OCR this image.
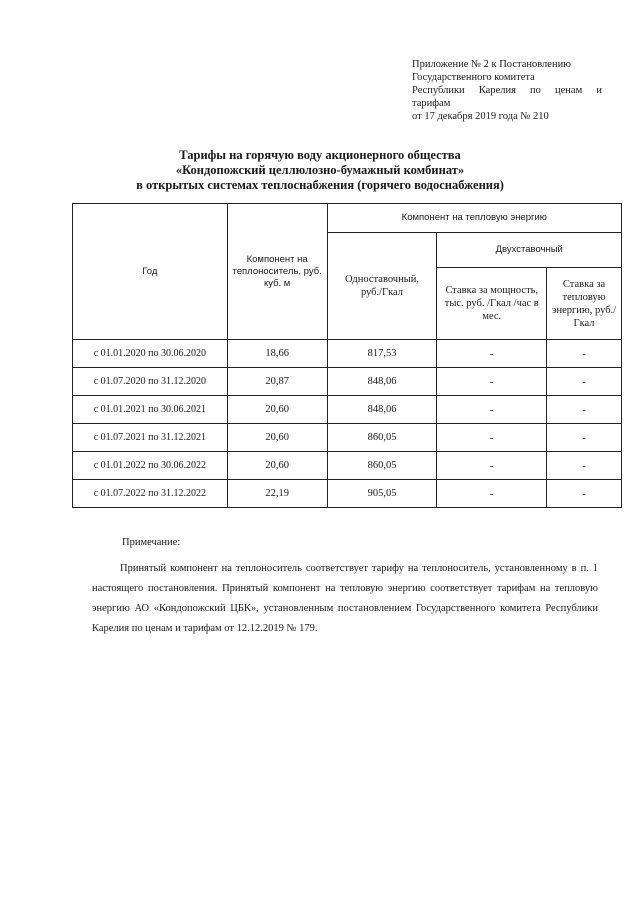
Приложение № 2 к Постановлению
Государственного комитета
Республики Карелия по ценам и
тарифам
от 17 декабря 2019 года № 210
Тарифы на горячую воду акционерного общества
«Кондопожский целлюлозно-бумажный комбинат»
в открытых системах теплоснабжения (горячего водоснабжения)
Год	Компонент на теплоноситель, руб. куб. м	Компонент на тепловую энергию		
		Одноставочный, руб./Гкал	Двухставочный	
			Ставка за мощность, тыс. руб. /Гкал /час в мес.	Ставка за тепловую энергию, руб./Гкал
с 01.01.2020 по 30.06.2020	18,66	817,53	-	-
с 01.07.2020 по 31.12.2020	20,87	848,06	-	-
с 01.01.2021 по 30.06.2021	20,60	848,06	-	-
с 01.07.2021 по 31.12.2021	20,60	860,05	-	-
с 01.01.2022 по 30.06.2022	20,60	860,05	-	-
с 01.07.2022 по 31.12.2022	22,19	905,05	-	-
Примечание:
Принятый компонент на теплоноситель соответствует тарифу на теплоноситель, установленному в п. 1 настоящего постановления. Принятый компонент на тепловую энергию соответствует тарифам на тепловую энергию АО «Кондопожский ЦБК», установленным постановлением Государственного комитета Республики Карелия по ценам и тарифам от 12.12.2019 № 179.
